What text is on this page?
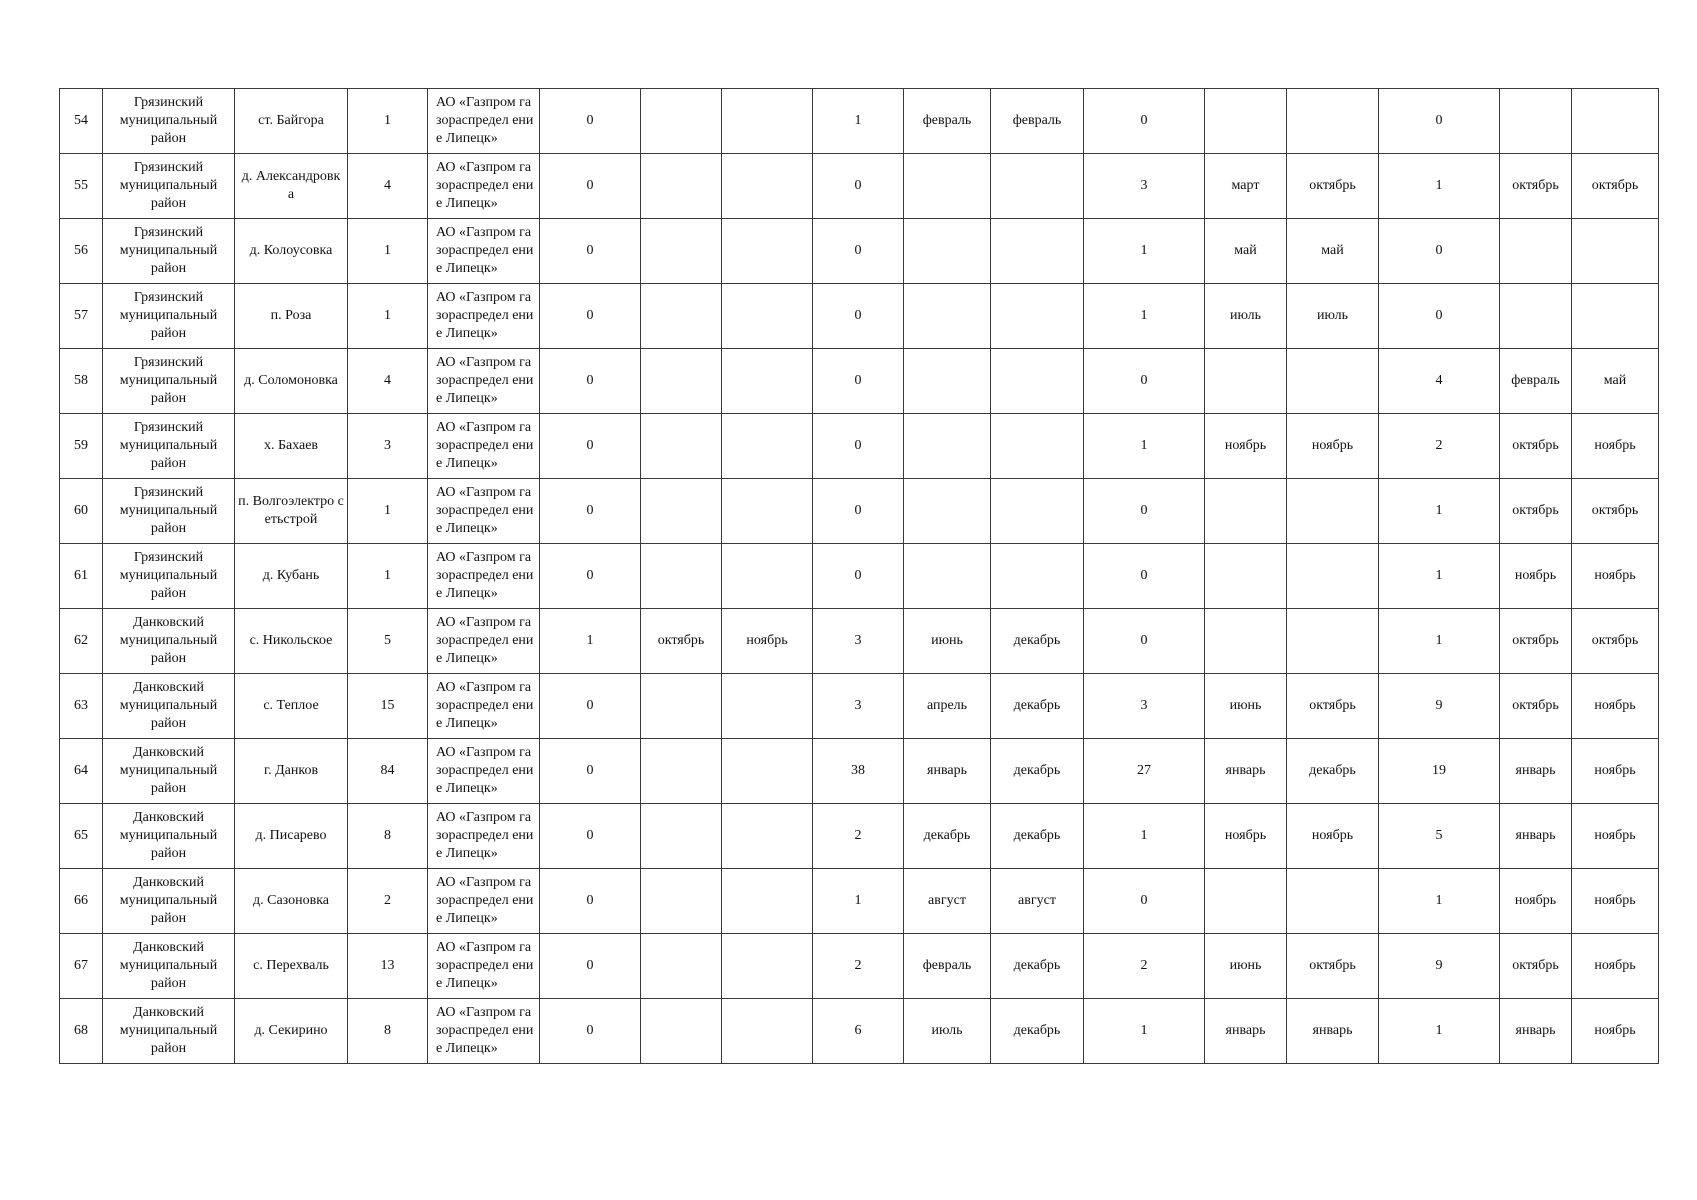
54	Грязинский муниципальный район	ст. Байгора	1	АО «Газпром газораспредел ение Липецк»	0			1	февраль	февраль	0			0		
55	Грязинский муниципальный район	д. Александровк а	4	АО «Газпром газораспредел ение Липецк»	0			0			3	март	октябрь	1	октябрь	октябрь
56	Грязинский муниципальный район	д. Колоусовка	1	АО «Газпром газораспредел ение Липецк»	0			0			1	май	май	0		
57	Грязинский муниципальный район	п. Роза	1	АО «Газпром газораспредел ение Липецк»	0			0			1	июль	июль	0		
58	Грязинский муниципальный район	д. Соломоновка	4	АО «Газпром газораспредел ение Липецк»	0			0			0			4	февраль	май
59	Грязинский муниципальный район	х. Бахаев	3	АО «Газпром газораспредел ение Липецк»	0			0			1	ноябрь	ноябрь	2	октябрь	ноябрь
60	Грязинский муниципальный район	п. Волгоэлектро сетьстрой	1	АО «Газпром газораспредел ение Липецк»	0			0			0			1	октябрь	октябрь
61	Грязинский муниципальный район	д. Кубань	1	АО «Газпром газораспредел ение Липецк»	0			0			0			1	ноябрь	ноябрь
62	Данковский муниципальный район	с. Никольское	5	АО «Газпром газораспредел ение Липецк»	1	октябрь	ноябрь	3	июнь	декабрь	0			1	октябрь	октябрь
63	Данковский муниципальный район	с. Теплое	15	АО «Газпром газораспредел ение Липецк»	0			3	апрель	декабрь	3	июнь	октябрь	9	октябрь	ноябрь
64	Данковский муниципальный район	г. Данков	84	АО «Газпром газораспредел ение Липецк»	0			38	январь	декабрь	27	январь	декабрь	19	январь	ноябрь
65	Данковский муниципальный район	д. Писарево	8	АО «Газпром газораспредел ение Липецк»	0			2	декабрь	декабрь	1	ноябрь	ноябрь	5	январь	ноябрь
66	Данковский муниципальный район	д. Сазоновка	2	АО «Газпром газораспредел ение Липецк»	0			1	август	август	0			1	ноябрь	ноябрь
67	Данковский муниципальный район	с. Перехваль	13	АО «Газпром газораспредел ение Липецк»	0			2	февраль	декабрь	2	июнь	октябрь	9	октябрь	ноябрь
68	Данковский муниципальный район	д. Секирино	8	АО «Газпром газораспредел ение Липецк»	0			6	июль	декабрь	1	январь	январь	1	январь	ноябрь
